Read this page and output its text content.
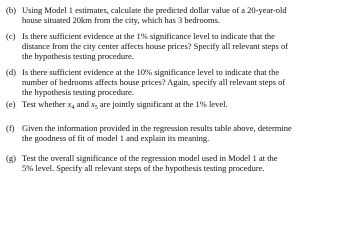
(b) Using Model 1 estimates, calculate the predicted dollar value of a 20-year-old
house situated 20km from the city, which has 3 bedrooms.
(c) Is there sufficient evidence at the 1% significance level to indicate that the
distance from the city center affects house prices? Specify all relevant steps of
the hypothesis testing procedure.
(d) Is there sufficient evidence at the 10% significance level to indicate that the
number of bedrooms affects house prices? Again, specify all relevant steps of
the hypothesis testing procedure.
(e) Test whether $x_4$ and $x_5$ are jointly significant at the 1% level.
(f) Given the information provided in the regression results table above, determine
the goodness of fit of model 1 and explain its meaning.
(g) Test the overall significance of the regression model used in Model 1 at the
5% level. Specify all relevant steps of the hypothesis testing procedure.
